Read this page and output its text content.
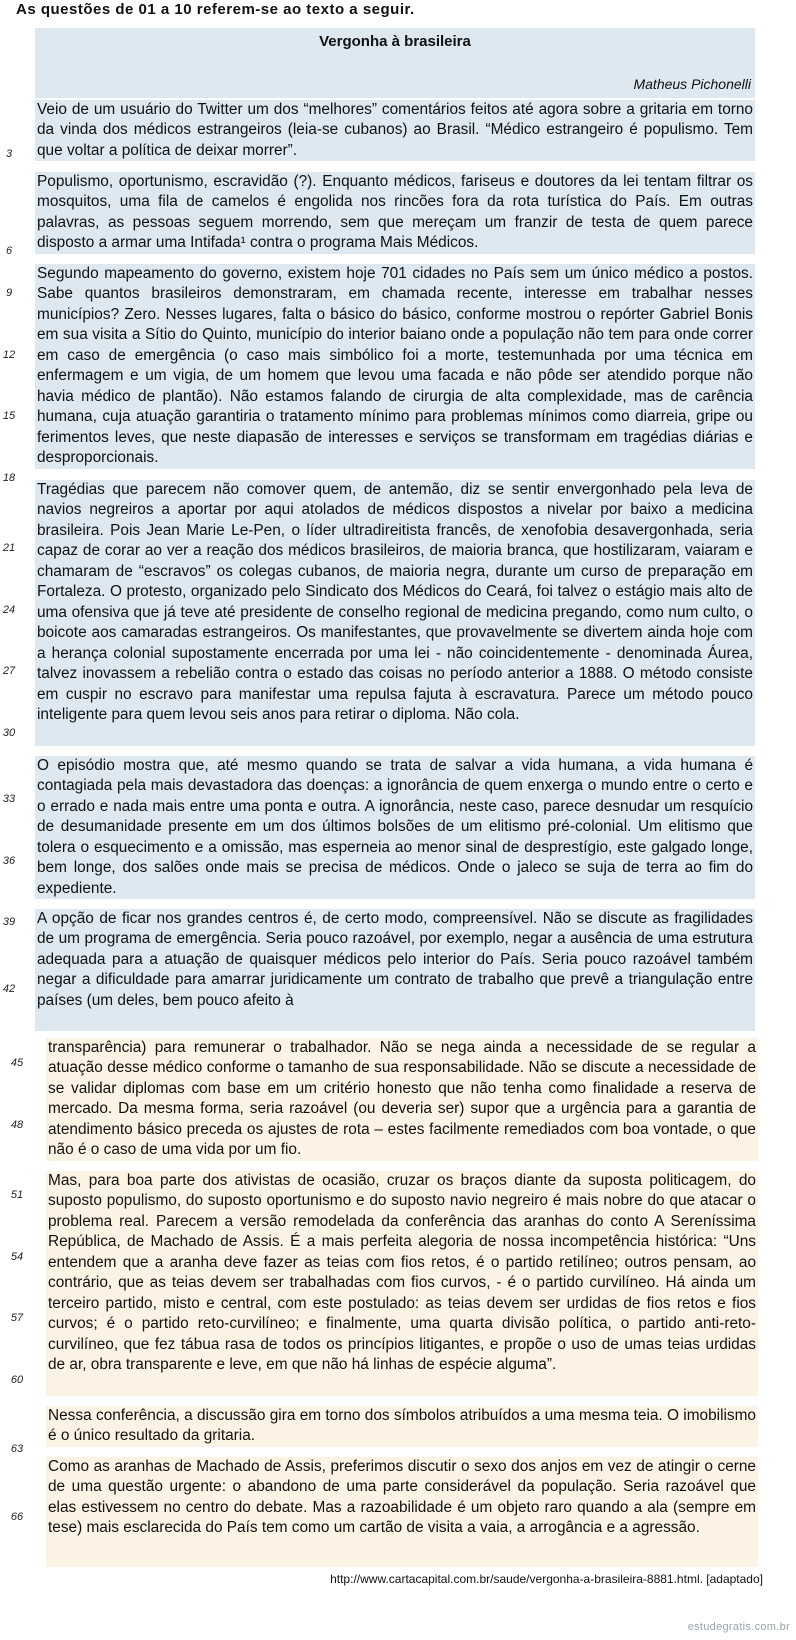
As questões de 01 a 10 referem-se ao texto a seguir.
Vergonha à brasileira
Matheus Pichonelli
Veio de um usuário do Twitter um dos “melhores” comentários feitos até agora sobre a gritaria em torno da vinda dos médicos estrangeiros (leia-se cubanos) ao Brasil. “Médico estrangeiro é populismo. Tem que voltar a política de deixar morrer”.
Populismo, oportunismo, escravidão (?). Enquanto médicos, fariseus e doutores da lei tentam filtrar os mosquitos, uma fila de camelos é engolida nos rincões fora da rota turística do País. Em outras palavras, as pessoas seguem morrendo, sem que mereçam um franzir de testa de quem parece disposto a armar uma Intifada¹ contra o programa Mais Médicos.
Segundo mapeamento do governo, existem hoje 701 cidades no País sem um único médico a postos. Sabe quantos brasileiros demonstraram, em chamada recente, interesse em trabalhar nesses municípios? Zero. Nesses lugares, falta o básico do básico, conforme mostrou o repórter Gabriel Bonis em sua visita a Sítio do Quinto, município do interior baiano onde a população não tem para onde correr em caso de emergência (o caso mais simbólico foi a morte, testemunhada por uma técnica em enfermagem e um vigia, de um homem que levou uma facada e não pôde ser atendido porque não havia médico de plantão). Não estamos falando de cirurgia de alta complexidade, mas de carência humana, cuja atuação garantiria o tratamento mínimo para problemas mínimos como diarreia, gripe ou ferimentos leves, que neste diapasão de interesses e serviços se transformam em tragédias diárias e desproporcionais.
Tragédias que parecem não comover quem, de antemão, diz se sentir envergonhado pela leva de navios negreiros a aportar por aqui atolados de médicos dispostos a nivelar por baixo a medicina brasileira. Pois Jean Marie Le-Pen, o líder ultradireitista francês, de xenofobia desavergonhada, seria capaz de corar ao ver a reação dos médicos brasileiros, de maioria branca, que hostilizaram, vaiaram e chamaram de “escravos” os colegas cubanos, de maioria negra, durante um curso de preparação em Fortaleza. O protesto, organizado pelo Sindicato dos Médicos do Ceará, foi talvez o estágio mais alto de uma ofensiva que já teve até presidente de conselho regional de medicina pregando, como num culto, o boicote aos camaradas estrangeiros. Os manifestantes, que provavelmente se divertem ainda hoje com a herança colonial supostamente encerrada por uma lei - não coincidentemente - denominada Áurea, talvez inovassem a rebelião contra o estado das coisas no período anterior a 1888. O método consiste em cuspir no escravo para manifestar uma repulsa fajuta à escravatura. Parece um método pouco inteligente para quem levou seis anos para retirar o diploma. Não cola.
O episódio mostra que, até mesmo quando se trata de salvar a vida humana, a vida humana é contagiada pela mais devastadora das doenças: a ignorância de quem enxerga o mundo entre o certo e o errado e nada mais entre uma ponta e outra. A ignorância, neste caso, parece desnudar um resquício de desumanidade presente em um dos últimos bolsões de um elitismo pré-colonial. Um elitismo que tolera o esquecimento e a omissão, mas esperneia ao menor sinal de desprestígio, este galgado longe, bem longe, dos salões onde mais se precisa de médicos. Onde o jaleco se suja de terra ao fim do expediente.
A opção de ficar nos grandes centros é, de certo modo, compreensível. Não se discute as fragilidades de um programa de emergência. Seria pouco razoável, por exemplo, negar a ausência de uma estrutura adequada para a atuação de quaisquer médicos pelo interior do País. Seria pouco razoável também negar a dificuldade para amarrar juridicamente um contrato de trabalho que prevê a triangulação entre países (um deles, bem pouco afeito à
transparência) para remunerar o trabalhador. Não se nega ainda a necessidade de se regular a atuação desse médico conforme o tamanho de sua responsabilidade. Não se discute a necessidade de se validar diplomas com base em um critério honesto que não tenha como finalidade a reserva de mercado. Da mesma forma, seria razoável (ou deveria ser) supor que a urgência para a garantia de atendimento básico preceda os ajustes de rota – estes facilmente remediados com boa vontade, o que não é o caso de uma vida por um fio.
Mas, para boa parte dos ativistas de ocasião, cruzar os braços diante da suposta politicagem, do suposto populismo, do suposto oportunismo e do suposto navio negreiro é mais nobre do que atacar o problema real. Parecem a versão remodelada da conferência das aranhas do conto A Sereníssima República, de Machado de Assis. É a mais perfeita alegoria de nossa incompetência histórica: “Uns entendem que a aranha deve fazer as teias com fios retos, é o partido retilíneo; outros pensam, ao contrário, que as teias devem ser trabalhadas com fios curvos, - é o partido curvilíneo. Há ainda um terceiro partido, misto e central, com este postulado: as teias devem ser urdidas de fios retos e fios curvos; é o partido reto-curvilíneo; e finalmente, uma quarta divisão política, o partido anti-reto-curvilíneo, que fez tábua rasa de todos os princípios litigantes, e propõe o uso de umas teias urdidas de ar, obra transparente e leve, em que não há linhas de espécie alguma”.
Nessa conferência, a discussão gira em torno dos símbolos atribuídos a uma mesma teia. O imobilismo é o único resultado da gritaria.
Como as aranhas de Machado de Assis, preferimos discutir o sexo dos anjos em vez de atingir o cerne de uma questão urgente: o abandono de uma parte considerável da população. Seria razoável que elas estivessem no centro do debate. Mas a razoabilidade é um objeto raro quando a ala (sempre em tese) mais esclarecida do País tem como um cartão de visita a vaia, a arrogância e a agressão.
3
6
9
12
15
18
21
24
27
30
33
36
39
42
45
48
51
54
57
60
63
66
http://www.cartacapital.com.br/saude/vergonha-a-brasileira-8881.html. [adaptado]
estudegratis.com.br
